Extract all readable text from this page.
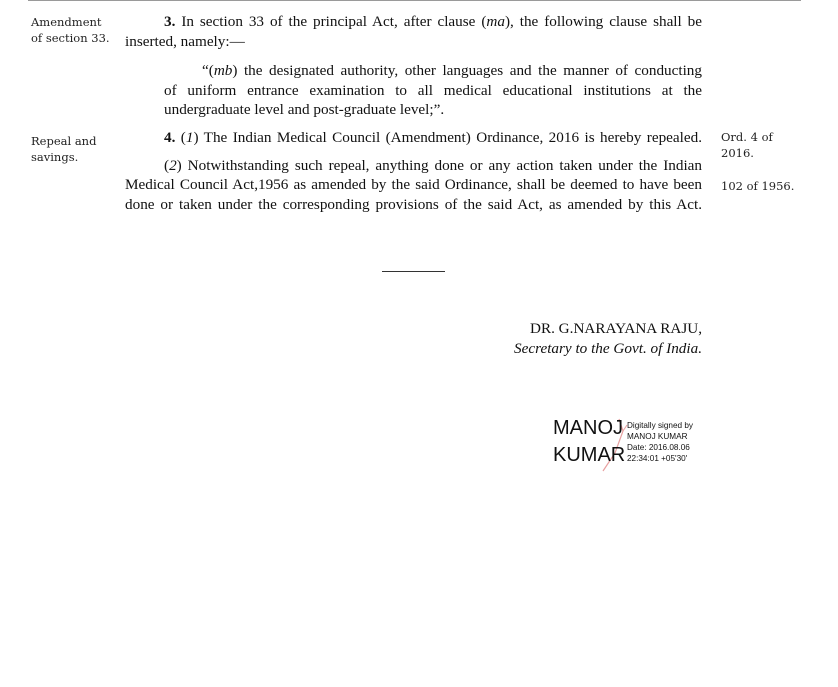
Amendment
of section 33.
Repeal and
savings.
Ord. 4 of
2016.
102 of 1956.
3. In section 33 of the principal Act, after clause (ma), the following clause shall be
inserted, namely:—
“(mb) the designated authority, other languages and the manner of conducting
of uniform entrance examination to all medical educational institutions at the
undergraduate level and post-graduate level;”.
4. (1) The Indian Medical Council (Amendment) Ordinance, 2016 is hereby repealed.
(2) Notwithstanding such repeal, anything done or any action taken under the Indian
Medical Council Act,1956 as amended by the said Ordinance, shall be deemed to have been
done or taken under the corresponding provisions of the said Act, as amended by this Act.
DR. G.NARAYANA RAJU,
Secretary to the Govt. of India.
MANOJ
KUMAR
Digitally signed by
MANOJ KUMAR
Date: 2016.08.06
22:34:01 +05'30'
